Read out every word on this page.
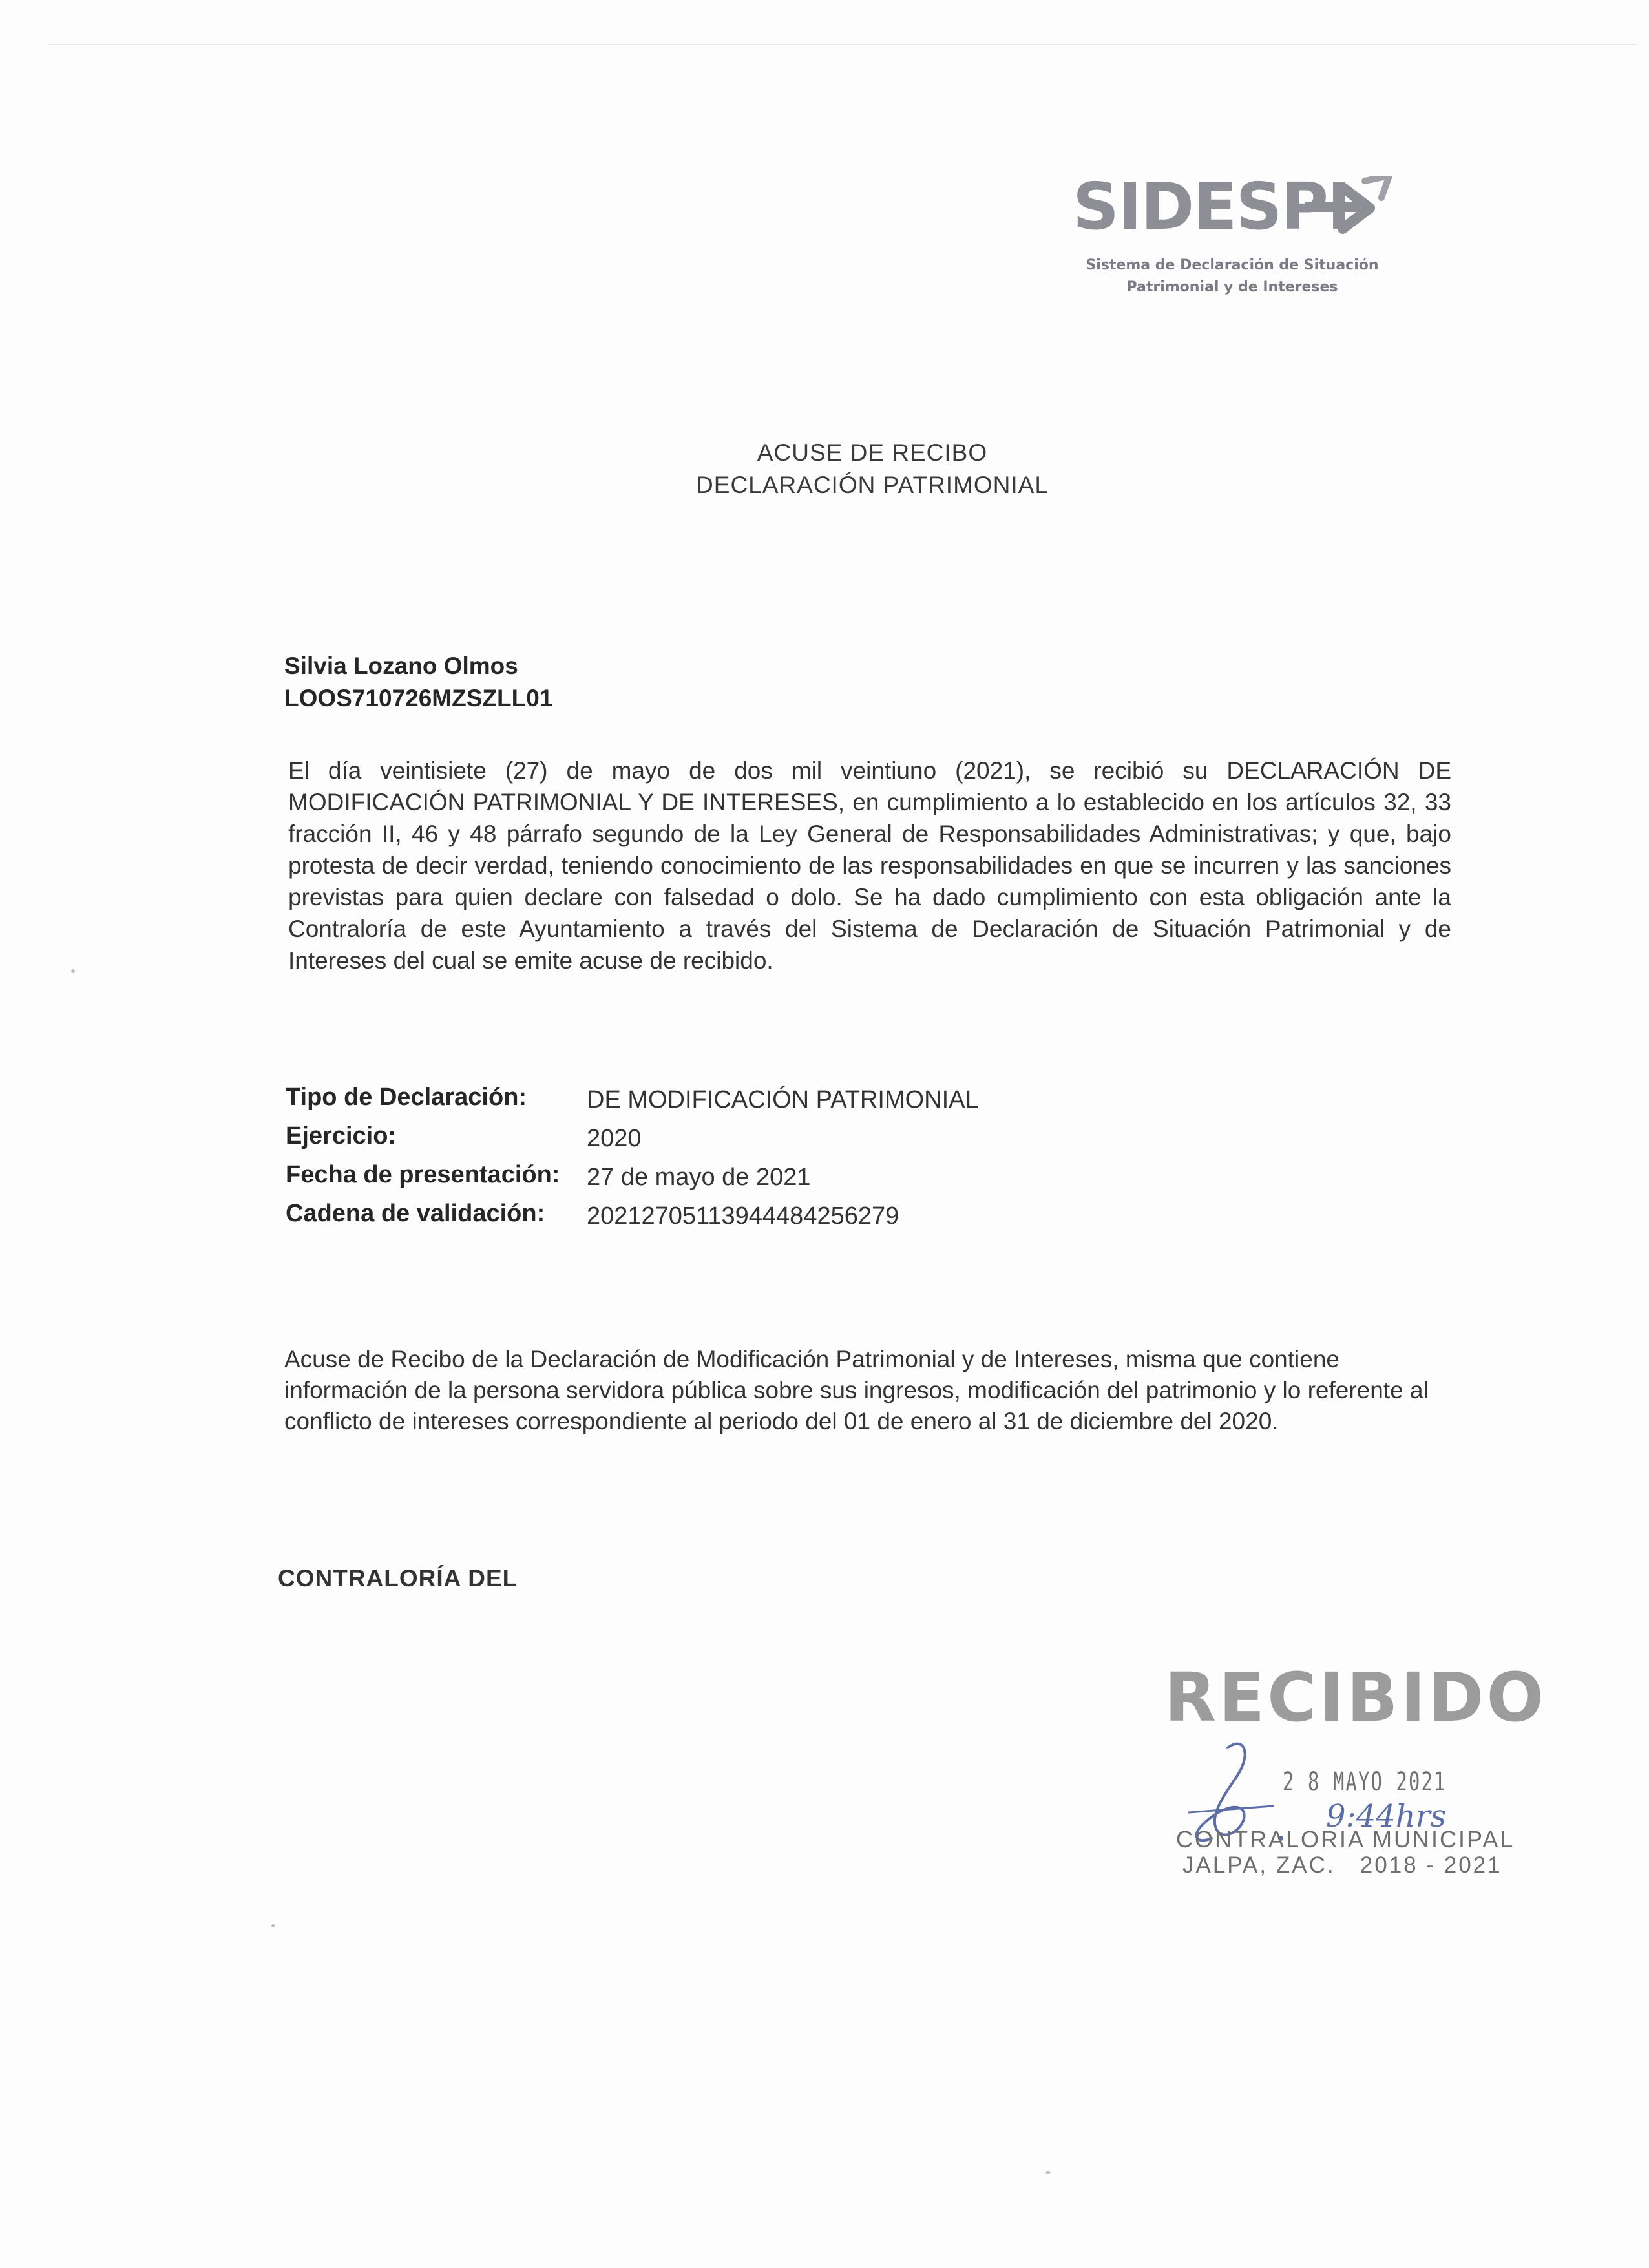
SIDESPI
Sistema de Declaración de Situación
Patrimonial y de Intereses
ACUSE DE RECIBO
DECLARACIÓN PATRIMONIAL
Silvia Lozano Olmos
LOOS710726MZSZLL01
El día veintisiete (27) de mayo de dos mil veintiuno (2021), se recibió su DECLARACIÓN DE MODIFICACIÓN PATRIMONIAL Y DE INTERESES, en cumplimiento a lo establecido en los artículos 32, 33 fracción II, 46 y 48 párrafo segundo de la Ley General de Responsabilidades Administrativas; y que, bajo protesta de decir verdad, teniendo conocimiento de las responsabilidades en que se incurren y las sanciones previstas para quien declare con falsedad o dolo. Se ha dado cumplimiento con esta obligación ante la Contraloría de este Ayuntamiento a través del Sistema de Declaración de Situación Patrimonial y de Intereses del cual se emite acuse de recibido.
Tipo de Declaración: DE MODIFICACIÓN PATRIMONIAL
Ejercicio:	2020
Fecha de presentación: 27 de mayo de 2021
Cadena de validación: 20212705113944484256279
Acuse de Recibo de la Declaración de Modificación Patrimonial y de Intereses, misma que contiene información de la persona servidora pública sobre sus ingresos, modificación del patrimonio y lo referente al conflicto de intereses correspondiente al periodo del 01 de enero al 31 de diciembre del 2020.
CONTRALORÍA DEL
RECIBIDO
2 8 MAYO 2021
9:44hrs
CONTRALORIA MUNICIPAL
JALPA, ZAC. 2018 - 2021
